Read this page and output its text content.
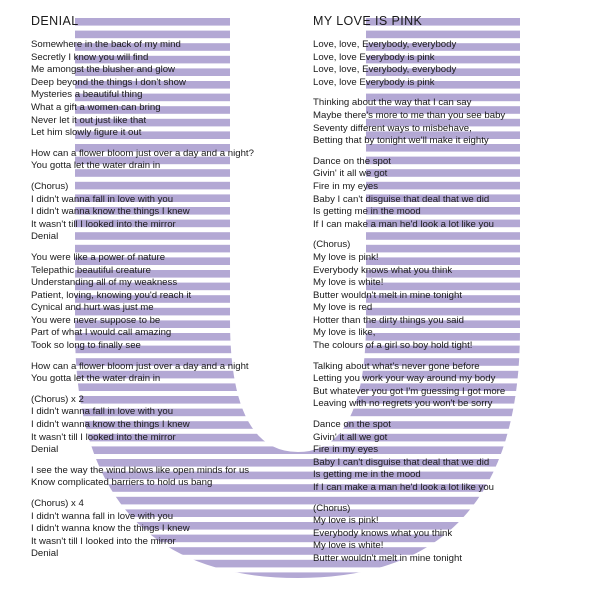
DENIAL
Somewhere in the back of my mind
Secretly I know you will find
Me amongst the blusher and glow
Deep beyond the things I don't show
Mysteries a beautiful thing
What a gift a women can bring
Never let it out just like that
Let him slowly figure it out
How can a flower bloom just over a day and a night?
You gotta let the water drain in
(Chorus)
I didn't wanna fall in love with you
I didn't wanna know the things I knew
It wasn't till I looked into the mirror
Denial
You were like a power of nature
Telepathic beautiful creature
Understanding all of my weakness
Patient, loving, knowing you'd reach it
Cynical and hurt was just me
You were never suppose to be
Part of what I would call amazing
Took so long to finally see
How can a flower bloom just over a day and a night
You gotta let the water drain in
(Chorus) x 2
I didn't wanna fall in love with you
I didn't wanna know the things I knew
It wasn't till I looked into the mirror
Denial
I see the way the wind blows like open minds for us
Know complicated barriers to hold us bang
(Chorus) x 4
I didn't wanna fall in love with you
I didn't wanna know the things I knew
It wasn't till I looked into the mirror
Denial
MY LOVE IS PINK
Love, love, Everybody, everybody
Love, love Everybody is pink
Love, love, Everybody, everybody
Love, love Everybody is pink
Thinking about the way that I can say
Maybe there's more to me than you see baby
Seventy different ways to misbehave,
Betting that by tonight we'll make it eighty
Dance on the spot
Givin' it all we got
Fire in my eyes
Baby I can't disguise that deal that we did
Is getting me in the mood
If I can make a man he'd look a lot like you
(Chorus)
My love is pink!
Everybody knows what you think
My love is white!
Butter wouldn't melt in mine tonight
My love is red
Hotter than the dirty things you said
My love is like,
The colours of a girl so boy hold tight!
Talking about what's never gone before
Letting you work your way around my body
But whatever you got I'm guessing I got more
Leaving with no regrets you won't be sorry
Dance on the spot
Givin' it all we got
Fire in my eyes
Baby I can't disguise that deal that we did
Is getting me in the mood
If I can make a man he'd look a lot like you
(Chorus)
My love is pink!
Everybody knows what you think
My love is white!
Butter wouldn't melt in mine tonight
